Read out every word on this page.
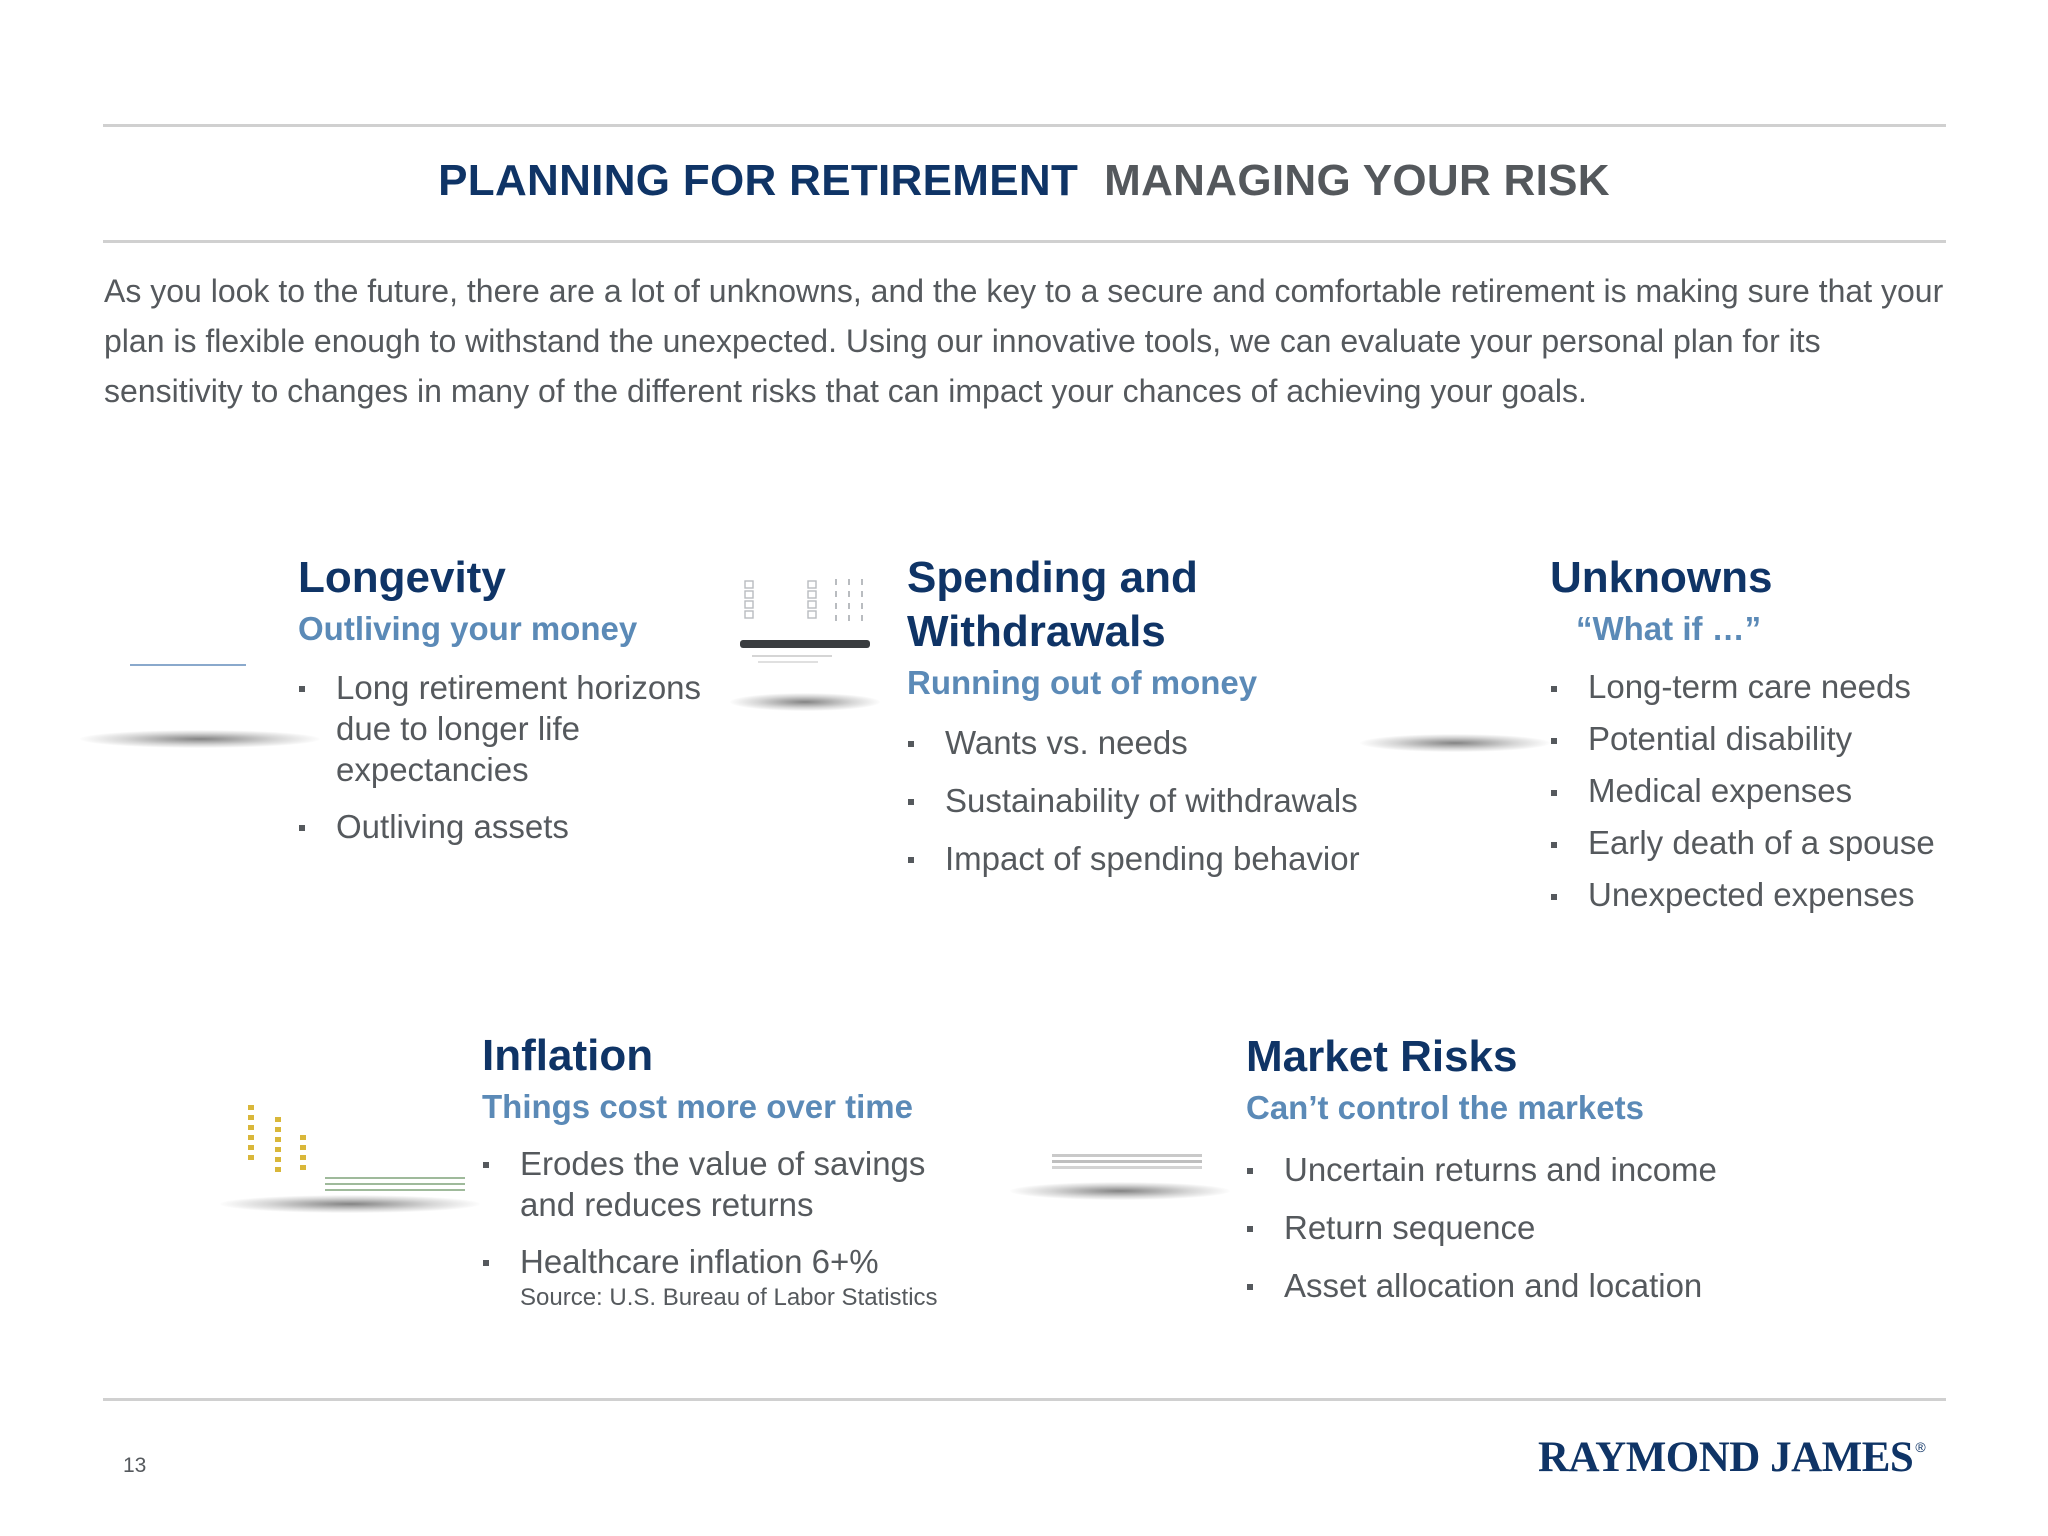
PLANNING FOR RETIREMENT MANAGING YOUR RISK
As you look to the future, there are a lot of unknowns, and the key to a secure and comfortable retirement is making sure that your plan is flexible enough to withstand the unexpected. Using our innovative tools, we can evaluate your personal plan for its sensitivity to changes in many of the different risks that can impact your chances of achieving your goals.
Longevity
Outliving your money
Long retirement horizons due to longer life expectancies
Outliving assets
Spending and Withdrawals
Running out of money
Wants vs. needs
Sustainability of withdrawals
Impact of spending behavior
Unknowns
“What if …”
Long-term care needs
Potential disability
Medical expenses
Early death of a spouse
Unexpected expenses
Inflation
Things cost more over time
Erodes the value of savings and reduces returns
Healthcare inflation 6+%
Source: U.S. Bureau of Labor Statistics
Market Risks
Can’t control the markets
Uncertain returns and income
Return sequence
Asset allocation and location
13	RAYMOND JAMES ®
